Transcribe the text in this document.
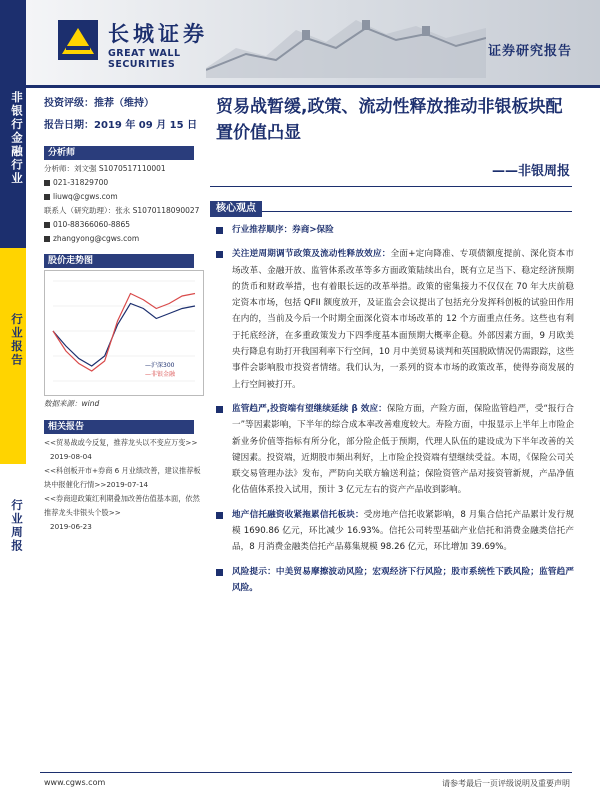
非银行金融行业
行业报告
行业周报
长城证券
GREAT WALL SECURITIES
证券研究报告
投资评级：推荐（维持）
报告日期：2019 年 09 月 15 日
分析师
分析师：刘文强 S1070517110001
021-31829700
liuwq@cgws.com
联系人（研究助理）：张永 S1070118090027
010-88366060-8865
zhangyong@cgws.com
股价走势图
—沪深300
—非银金融
数据来源：wind
相关报告
<<贸易战或今反复，推荐龙头以不变应万变>>
2019-08-04
<<科创板开市+券商 6 月业绩改善，建议推荐板块中报催化行情>>2019-07-14
<<券商迎政策红利期叠加改善估值基本面，依然推荐龙头非银头个股>>
2019-06-23
贸易战暂缓,政策、流动性释放推动非银板块配置价值凸显
——非银周报
核心观点
行业推荐顺序：券商>保险
关注逆周期调节政策及流动性释放效应：全面+定向降准、专项债额度提前、深化资本市场改革、金融开放、监管体系改革等多方面政策陆续出台，既有立足当下、稳定经济预期的货币和财政举措，也有着眼长远的改革举措。政策的密集接力不仅仅在 70 年大庆前稳定资本市场，包括 QFII 额度放开，及证监会会议提出了包括充分发挥科创板的试验田作用在内的，当前及今后一个时期全面深化资本市场改革的 12 个方面重点任务。这些也有利于托底经济，在多重政策发力下四季度基本面预期大概率企稳。外部因素方面，9 月欧美央行降息有助打开我国利率下行空间，10 月中美贸易谈判和英国脱欧情况仍需跟踪，这些事件会影响股市投资者情绪。我们认为，一系列的资本市场的政策改革，使得券商发展的上行空间被打开。
监管趋严,投资端有望继续延续 β 效应：保险方面，产险方面，保险监管趋严，受“报行合一”等因素影响，下半年的综合成本率改善难度较大。寿险方面，中报显示上半年上市险企新业务价值等指标有所分化，部分险企低于预期，代理人队伍的建设成为下半年改善的关键因素。投资端，近期股市频出利好，上市险企投资端有望继续受益。本周，《保险公司关联交易管理办法》发布，严防向关联方输送利益；保险资管产品对接资管新规，产品净值化估值体系投入试用，预计 3 亿元左右的资产产品收到影响。
地产信托融资收紧拖累信托板块：受房地产信托收紧影响，8 月集合信托产品累计发行规模 1690.86 亿元，环比减少 16.93%。信托公司转型基础产业信托和消费金融类信托产品，8 月消费金融类信托产品募集规模 98.26 亿元，环比增加 39.69%。
风险提示：中美贸易摩擦波动风险；宏观经济下行风险；股市系统性下跌风险；监管趋严风险。
www.cgws.com	请参考最后一页评级说明及重要声明
